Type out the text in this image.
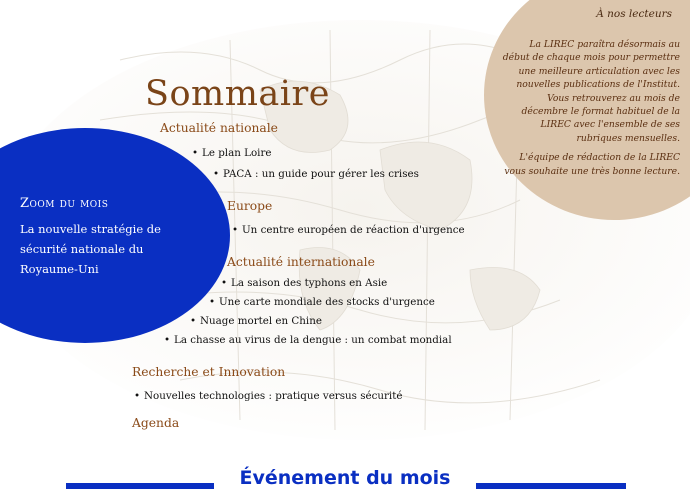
À nos lecteurs

La LIREC paraîtra désormais au début de chaque mois pour permettre une meilleure articulation avec les nouvelles publications de l'Institut. Vous retrouverez au mois de décembre le format habituel de la LIREC avec l'ensemble de ses rubriques mensuelles.

L'équipe de rédaction de la LIREC vous souhaite une très bonne lecture.

Zoom du mois
La nouvelle stratégie de sécurité nationale du Royaume-Uni
Sommaire
Actualité nationale
• Le plan Loire
• PACA : un guide pour gérer les crises
Europe
• Un centre européen de réaction d'urgence
Actualité internationale
• La saison des typhons en Asie
• Une carte mondiale des stocks d'urgence
• Nuage mortel en Chine
• La chasse au virus de la dengue : un combat mondial
Recherche et Innovation
• Nouvelles technologies : pratique versus sécurité
Agenda
Événement du mois
